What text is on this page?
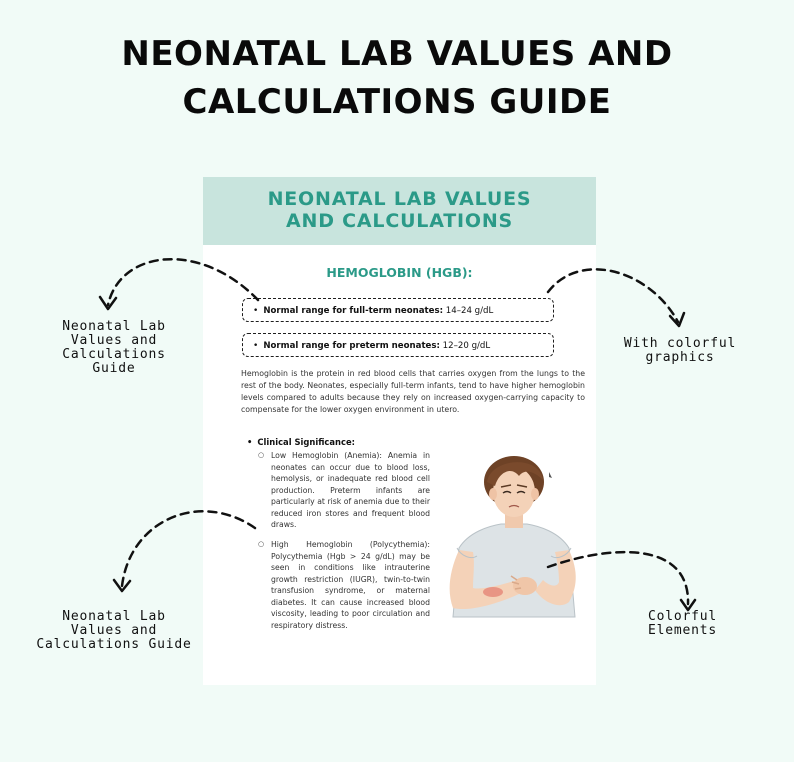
NEONATAL LAB VALUES AND
CALCULATIONS GUIDE
NEONATAL LAB VALUES
AND CALCULATIONS
HEMOGLOBIN (HGB):
• Normal range for full-term neonates: 14–24 g/dL
• Normal range for preterm neonates: 12–20 g/dL

Hemoglobin is the protein in red blood cells that carries oxygen from the lungs to the rest of the body. Neonates, especially full-term infants, tend to have higher hemoglobin levels compared to adults because they rely on increased oxygen-carrying capacity to compensate for the lower oxygen environment in utero.

• Clinical Significance:

○ Low Hemoglobin (Anemia): Anemia in neonates can occur due to blood loss, hemolysis, or inadequate red blood cell production. Preterm infants are particularly at risk of anemia due to their reduced iron stores and frequent blood draws.
○ High Hemoglobin (Polycythemia): Polycythemia (Hgb > 24 g/dL) may be seen in conditions like intrauterine growth restriction (IUGR), twin-to-twin transfusion syndrome, or maternal diabetes. It can cause increased blood viscosity, leading to poor circulation and respiratory distress.
Neonatal Lab
Values and
Calculations
Guide
With colorful
graphics
Neonatal Lab
Values and
Calculations Guide
Colorful
Elements
